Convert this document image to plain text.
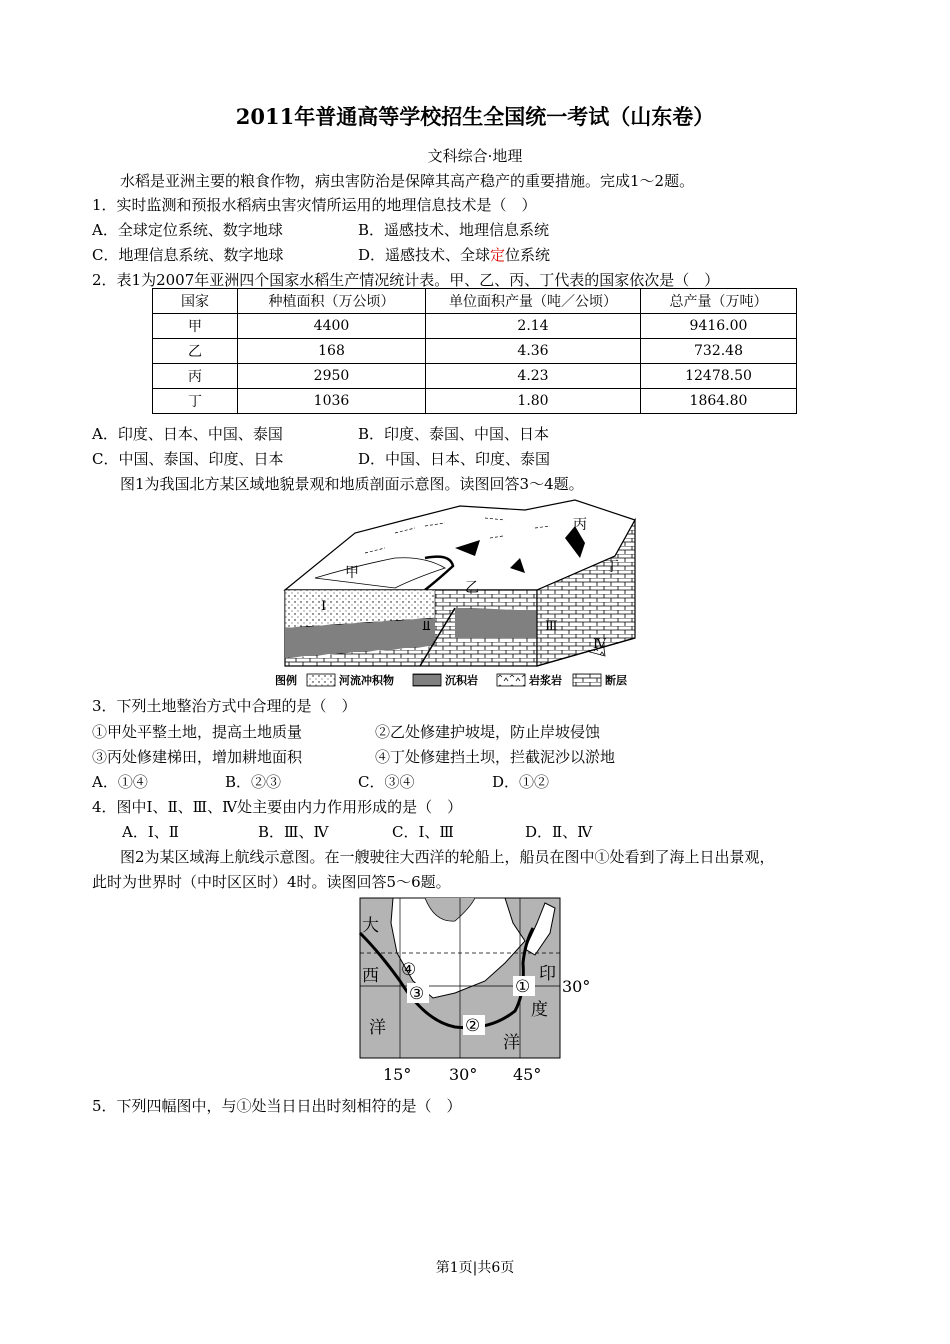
2011年普通高等学校招生全国统一考试（山东卷）
文科综合·地理
水稻是亚洲主要的粮食作物，病虫害防治是保障其高产稳产的重要措施。完成1～2题。
1．实时监测和预报水稻病虫害灾情所运用的地理信息技术是（　）
A．全球定位系统、数字地球	B．遥感技术、地理信息系统
C．地理信息系统、数字地球	D．遥感技术、全球定位系统
2．表1为2007年亚洲四个国家水稻生产情况统计表。甲、乙、丙、丁代表的国家依次是（　）
国家	种植面积（万公顷）	单位面积产量（吨／公顷）	总产量（万吨）
甲	4400	2.14	9416.00
乙	168	4.36	732.48
丙	2950	4.23	12478.50
丁	1036	1.80	1864.80
A．印度、日本、中国、泰国	B．印度、泰国、中国、日本
C．中国、泰国、印度、日本	D．中国、日本、印度、泰国
图1为我国北方某区域地貌景观和地质剖面示意图。读图回答3～4题。
甲
乙
丙
丁
Ⅰ
Ⅱ	Ⅲ
Ⅳ
图例	河流冲积物	沉积岩	岩浆岩	断层
3．下列土地整治方式中合理的是（　）
①甲处平整土地，提高土地质量	②乙处修建护坡堤，防止岸坡侵蚀
③丙处修建梯田，增加耕地面积	④丁处修建挡土坝，拦截泥沙以淤地
A．①④	B．②③	C．③④	D．①②
4．图中Ⅰ、Ⅱ、Ⅲ、Ⅳ处主要由内力作用形成的是（　）
A．Ⅰ、Ⅱ	B．Ⅲ、Ⅳ	C．Ⅰ、Ⅲ	D．Ⅱ、Ⅳ
图2为某区域海上航线示意图。在一艘驶往大西洋的轮船上，船员在图中①处看到了海上日出景观，
此时为世界时（中时区区时）4时。读图回答5～6题。
大
西
洋
印
度
洋
①
②
③
④
30°
15° 30° 45°
5．下列四幅图中，与①处当日日出时刻相符的是（　）
第1页|共6页
